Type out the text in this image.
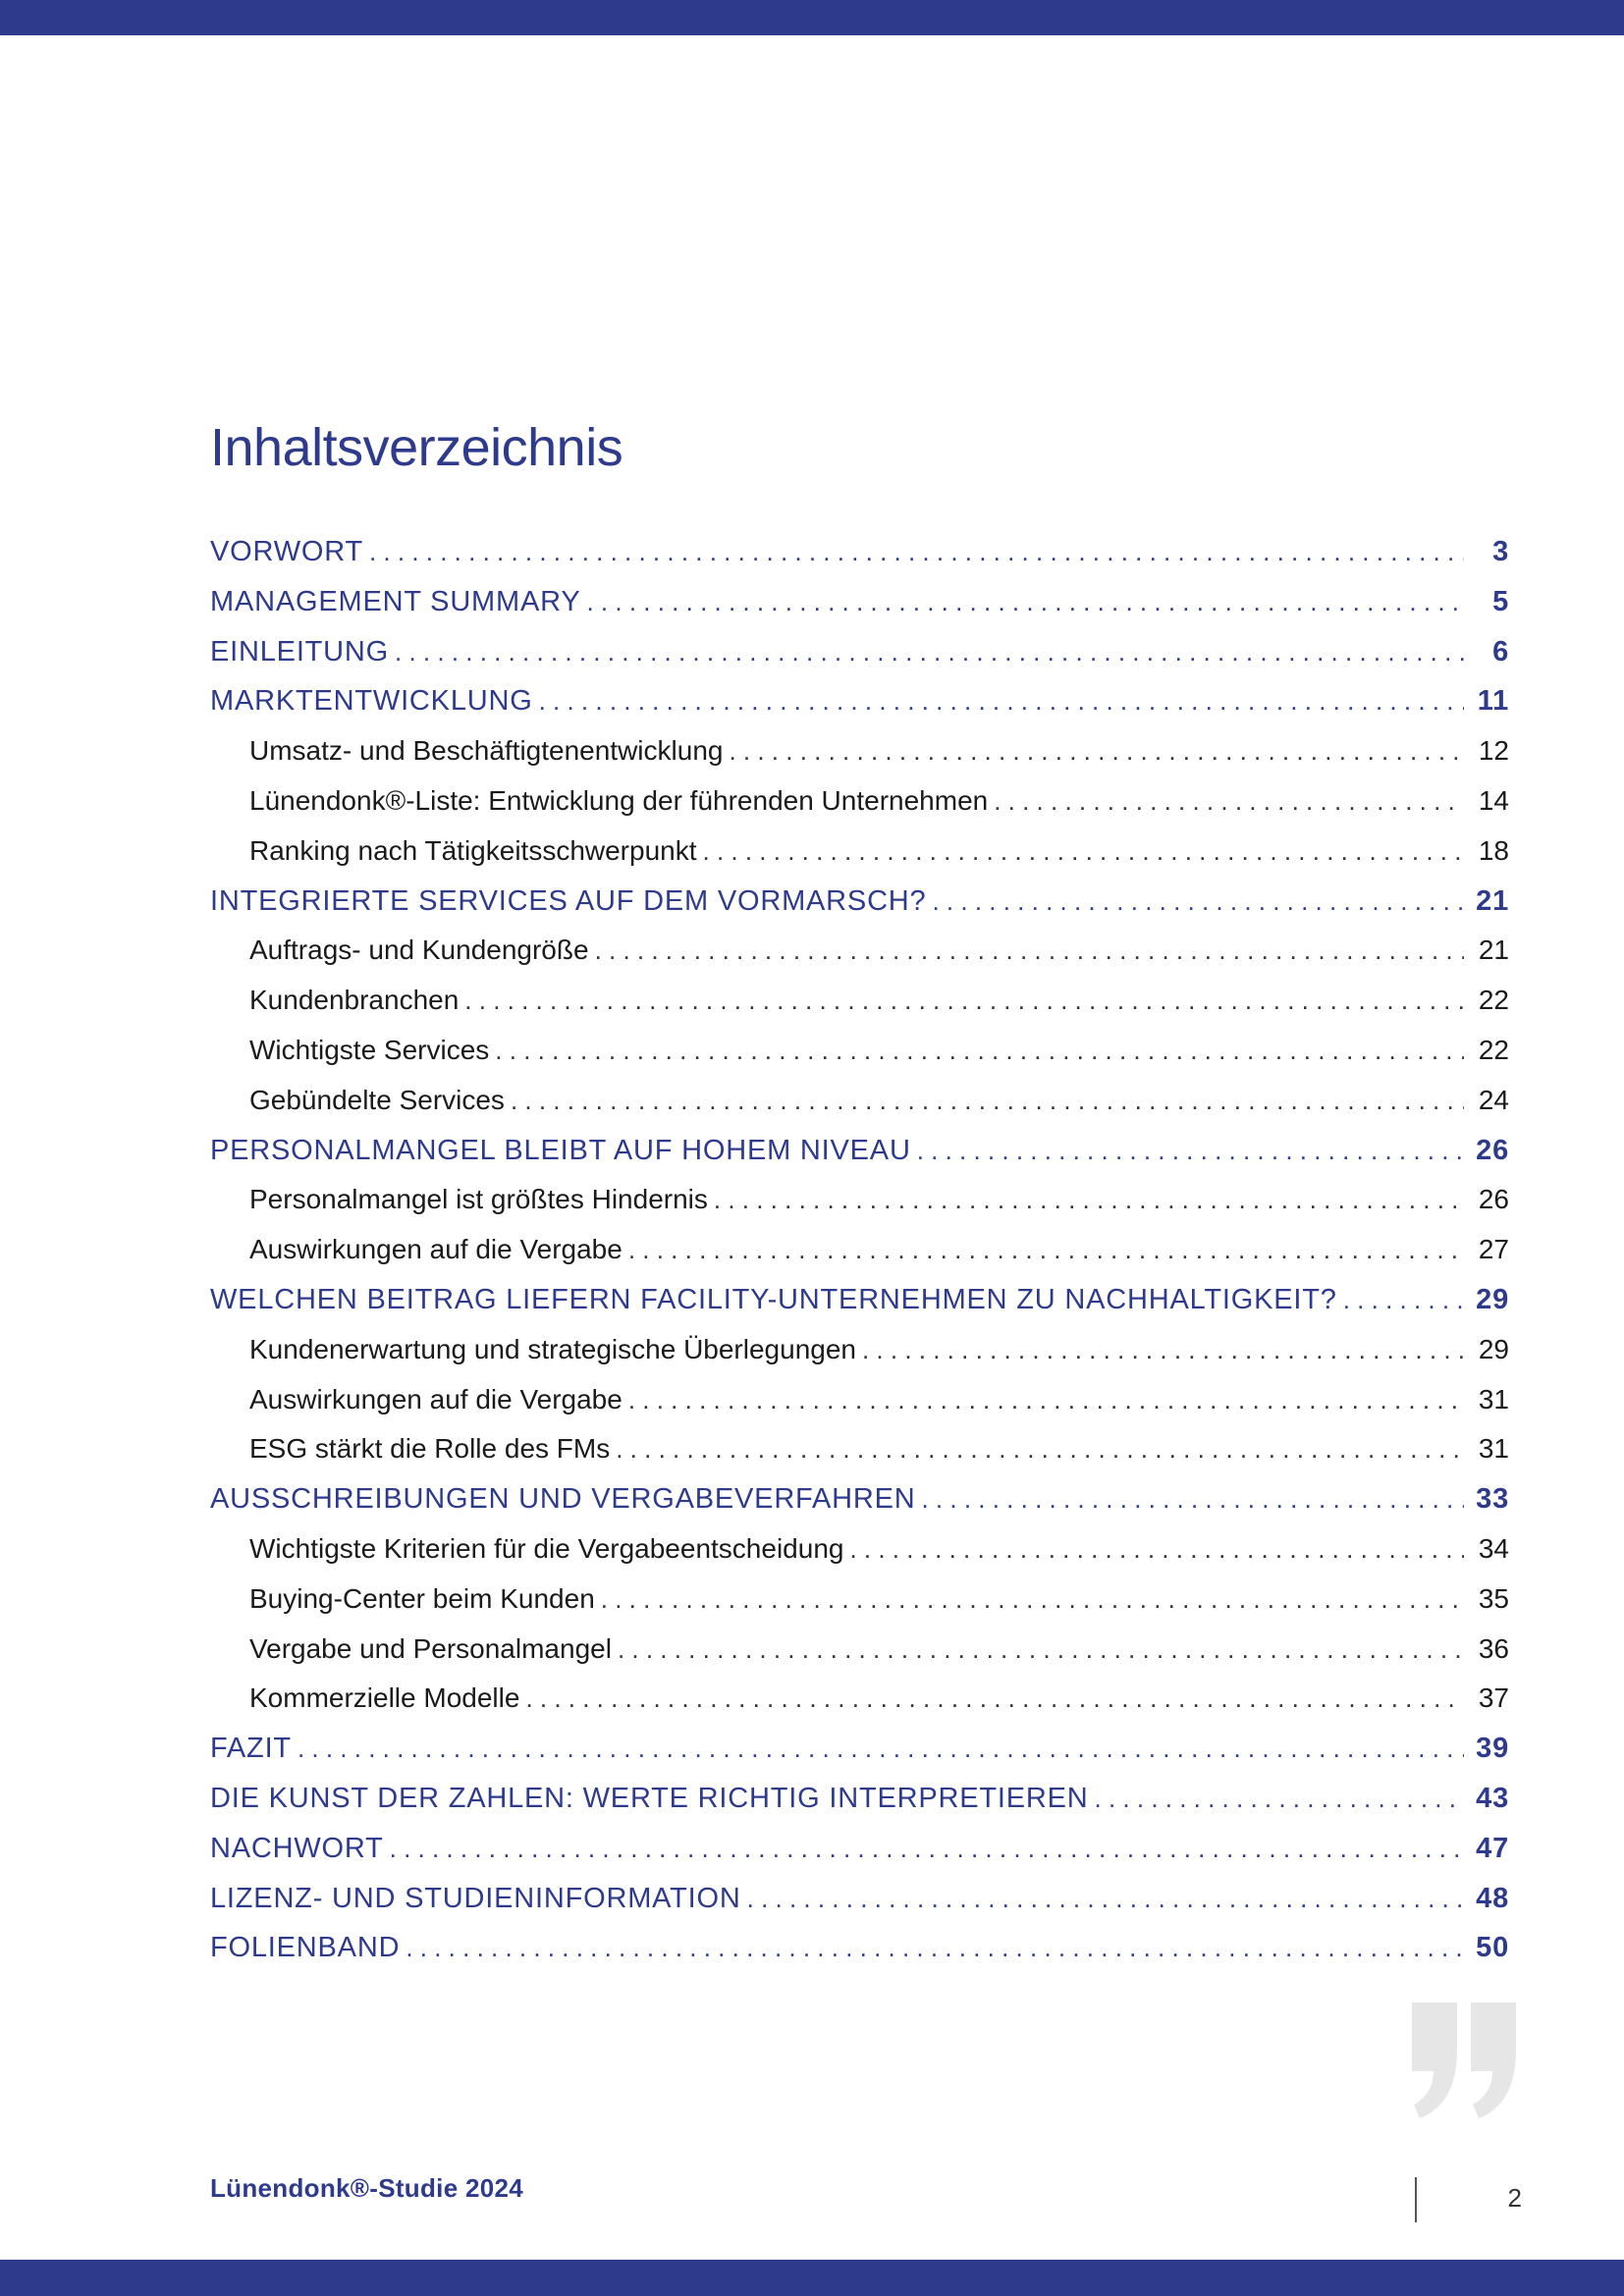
Inhaltsverzeichnis
VORWORT . . .	3
MANAGEMENT SUMMARY . . .	5
EINLEITUNG . . .	6
MARKTENTWICKLUNG . . .	11
Umsatz- und Beschäftigtenentwicklung . . .	12
Lünendonk®-Liste: Entwicklung der führenden Unternehmen . . .	14
Ranking nach Tätigkeitsschwerpunkt . . .	18
INTEGRIERTE SERVICES AUF DEM VORMARSCH? . . .	21
Auftrags- und Kundengröße . . .	21
Kundenbranchen . . .	22
Wichtigste Services . . .	22
Gebündelte Services . . .	24
PERSONALMANGEL BLEIBT AUF HOHEM NIVEAU . . .	26
Personalmangel ist größtes Hindernis . . .	26
Auswirkungen auf die Vergabe . . .	27
WELCHEN BEITRAG LIEFERN FACILITY-UNTERNEHMEN ZU NACHHALTIGKEIT? . . .	29
Kundenerwartung und strategische Überlegungen . . .	29
Auswirkungen auf die Vergabe . . .	31
ESG stärkt die Rolle des FMs . . .	31
AUSSCHREIBUNGEN UND VERGABEVERFAHREN . . .	33
Wichtigste Kriterien für die Vergabeentscheidung . . .	34
Buying-Center beim Kunden . . .	35
Vergabe und Personalmangel . . .	36
Kommerzielle Modelle . . .	37
FAZIT . . .	39
DIE KUNST DER ZAHLEN: WERTE RICHTIG INTERPRETIEREN . . .	43
NACHWORT . . .	47
LIZENZ- UND STUDIENINFORMATION . . .	48
FOLIENBAND . . .	50
Lünendonk®-Studie 2024	2
